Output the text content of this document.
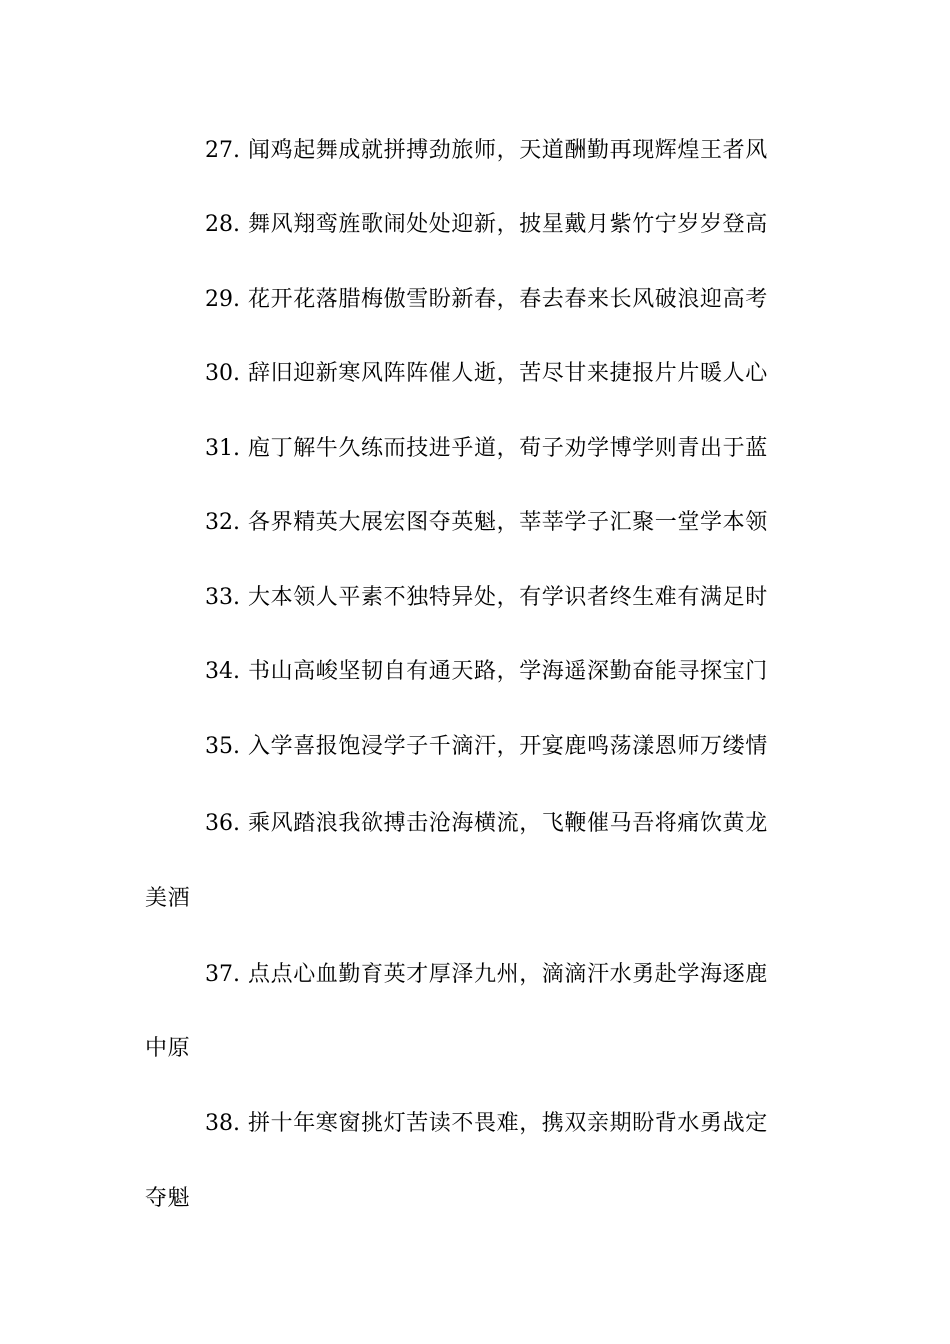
27. 闻鸡起舞成就拼搏劲旅师，天道酬勤再现辉煌王者风
28. 舞风翔鸾旌歌闹处处迎新，披星戴月紫竹宁岁岁登高
29. 花开花落腊梅傲雪盼新春，春去春来长风破浪迎高考
30. 辞旧迎新寒风阵阵催人逝，苦尽甘来捷报片片暖人心
31. 庖丁解牛久练而技进乎道，荀子劝学博学则青出于蓝
32. 各界精英大展宏图夺英魁，莘莘学子汇聚一堂学本领
33. 大本领人平素不独特异处，有学识者终生难有满足时
34. 书山高峻坚韧自有通天路，学海遥深勤奋能寻探宝门
35. 入学喜报饱浸学子千滴汗，开宴鹿鸣荡漾恩师万缕情
36. 乘风踏浪我欲搏击沧海横流，飞鞭催马吾将痛饮黄龙
美酒
37. 点点心血勤育英才厚泽九州，滴滴汗水勇赴学海逐鹿
中原
38. 拼十年寒窗挑灯苦读不畏难，携双亲期盼背水勇战定
夺魁
